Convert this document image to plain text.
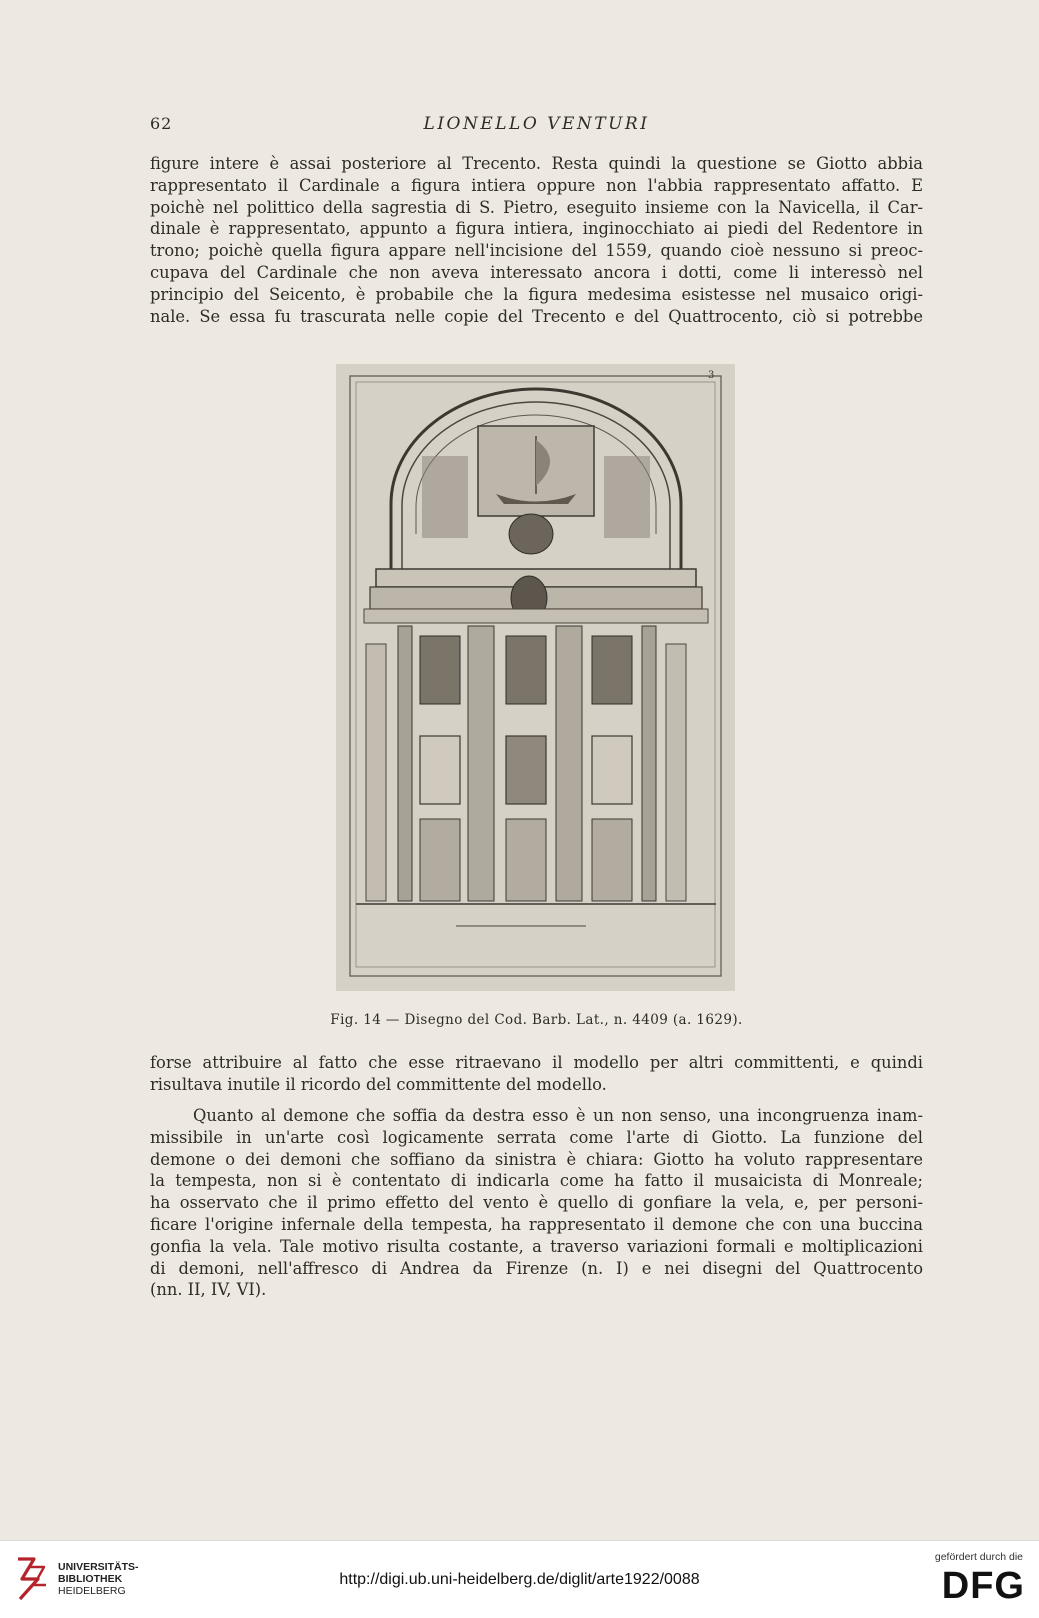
62	LIONELLO VENTURI

figure intere è assai posteriore al Trecento. Resta quindi la questione se Giotto abbia
rappresentato il Cardinale a figura intiera oppure non l'abbia rappresentato affatto. E
poichè nel polittico della sagrestia di S. Pietro, eseguito insieme con la Navicella, il Car-
dinale è rappresentato, appunto a figura intiera, inginocchiato ai piedi del Redentore in
trono; poichè quella figura appare nell'incisione del 1559, quando cioè nessuno si preoc-
cupava del Cardinale che non aveva interessato ancora i dotti, come li interessò nel
principio del Seicento, è probabile che la figura medesima esistesse nel musaico origi-
nale. Se essa fu trascurata nelle copie del Trecento e del Quattrocento, ciò si potrebbe

3
Fig. 14 — Disegno del Cod. Barb. Lat., n. 4409 (a. 1629).

forse attribuire al fatto che esse ritraevano il modello per altri committenti, e quindi
risultava inutile il ricordo del committente del modello.

Quanto al demone che soffia da destra esso è un non senso, una incongruenza inam-
missibile in un'arte così logicamente serrata come l'arte di Giotto. La funzione del
demone o dei demoni che soffiano da sinistra è chiara: Giotto ha voluto rappresentare
la tempesta, non si è contentato di indicarla come ha fatto il musaicista di Monreale;
ha osservato che il primo effetto del vento è quello di gonfiare la vela, e, per personi-
ficare l'origine infernale della tempesta, ha rappresentato il demone che con una buccina
gonfia la vela. Tale motivo risulta costante, a traverso variazioni formali e moltiplicazioni
di demoni, nell'affresco di Andrea da Firenze (n. I) e nei disegni del Quattrocento
(nn. II, IV, VI).

UNIVERSITÄTS-
BIBLIOTHEK
HEIDELBERG
http://digi.ub.uni-heidelberg.de/diglit/arte1922/0088
gefördert durch die
DFG
